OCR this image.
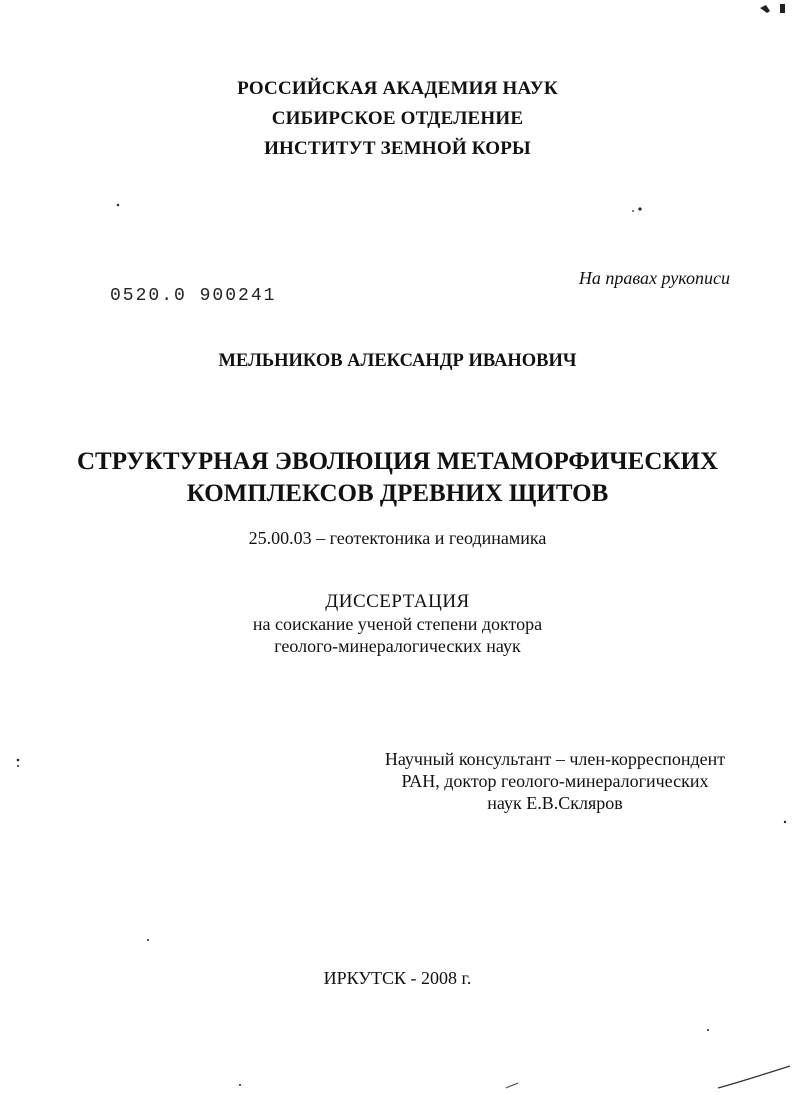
РОССИЙСКАЯ АКАДЕМИЯ НАУК
СИБИРСКОЕ ОТДЕЛЕНИЕ
ИНСТИТУТ ЗЕМНОЙ КОРЫ
На правах рукописи
0520.0 900241
МЕЛЬНИКОВ АЛЕКСАНДР ИВАНОВИЧ
СТРУКТУРНАЯ ЭВОЛЮЦИЯ МЕТАМОРФИЧЕСКИХ
КОМПЛЕКСОВ ДРЕВНИХ ЩИТОВ
25.00.03 – геотектоника и геодинамика
ДИССЕРТАЦИЯ
на соискание ученой степени доктора
геолого-минералогических наук
Научный консультант – член-корреспондент
РАН, доктор геолого-минералогических
наук Е.В.Скляров
ИРКУТСК - 2008 г.
